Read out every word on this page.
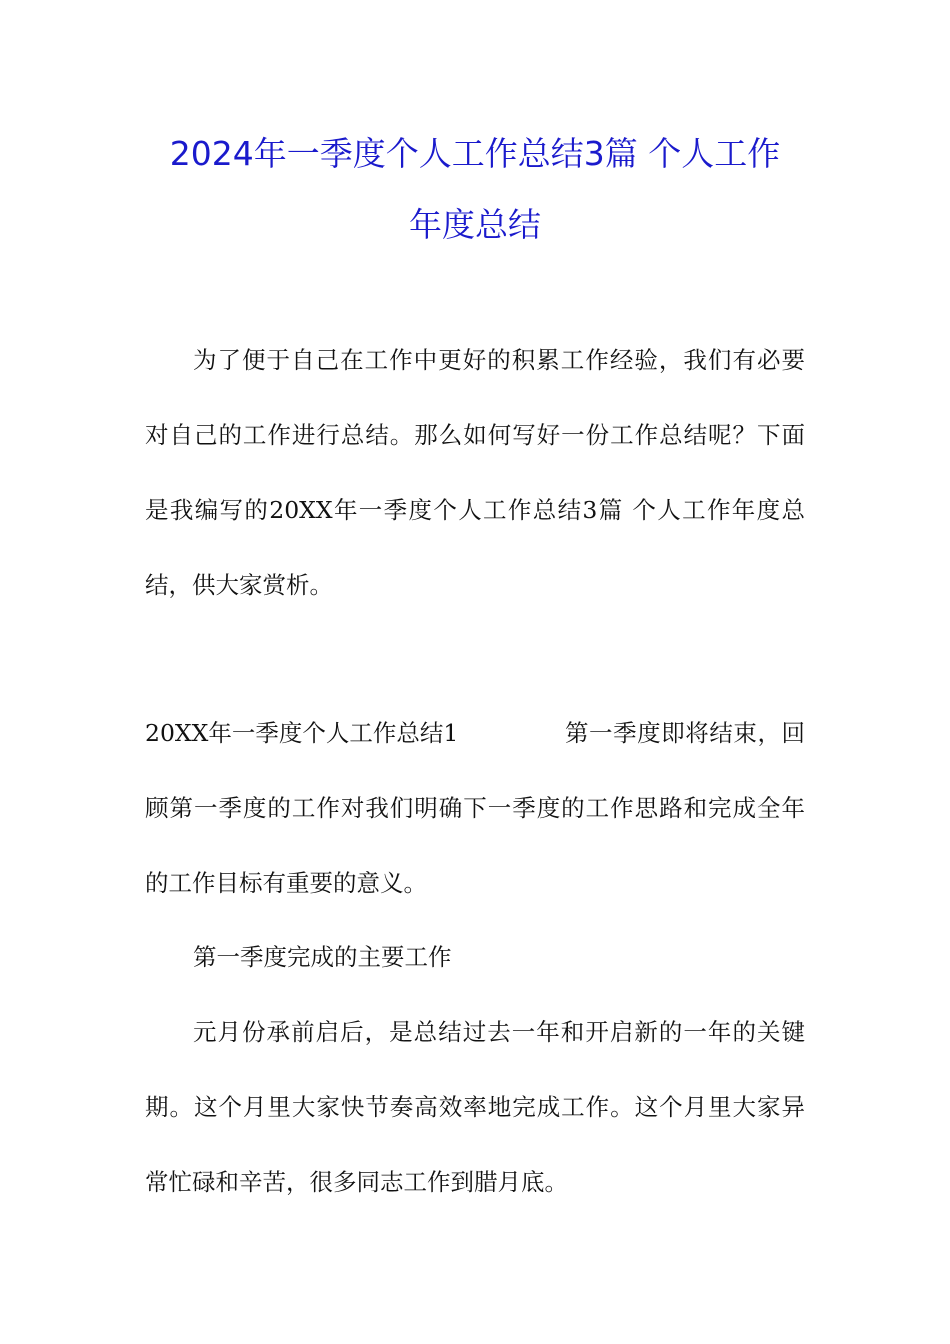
2024年一季度个人工作总结3篇 个人工作
年度总结
为了便于自己在工作中更好的积累工作经验，我们有必要
对自己的工作进行总结。那么如何写好一份工作总结呢？下面
是我编写的20XX年一季度个人工作总结3篇 个人工作年度总
结，供大家赏析。
20XX年一季度个人工作总结1	第一季度即将结束，回
顾第一季度的工作对我们明确下一季度的工作思路和完成全年
的工作目标有重要的意义。
第一季度完成的主要工作
元月份承前启后，是总结过去一年和开启新的一年的关键
期。这个月里大家快节奏高效率地完成工作。这个月里大家异
常忙碌和辛苦，很多同志工作到腊月底。
